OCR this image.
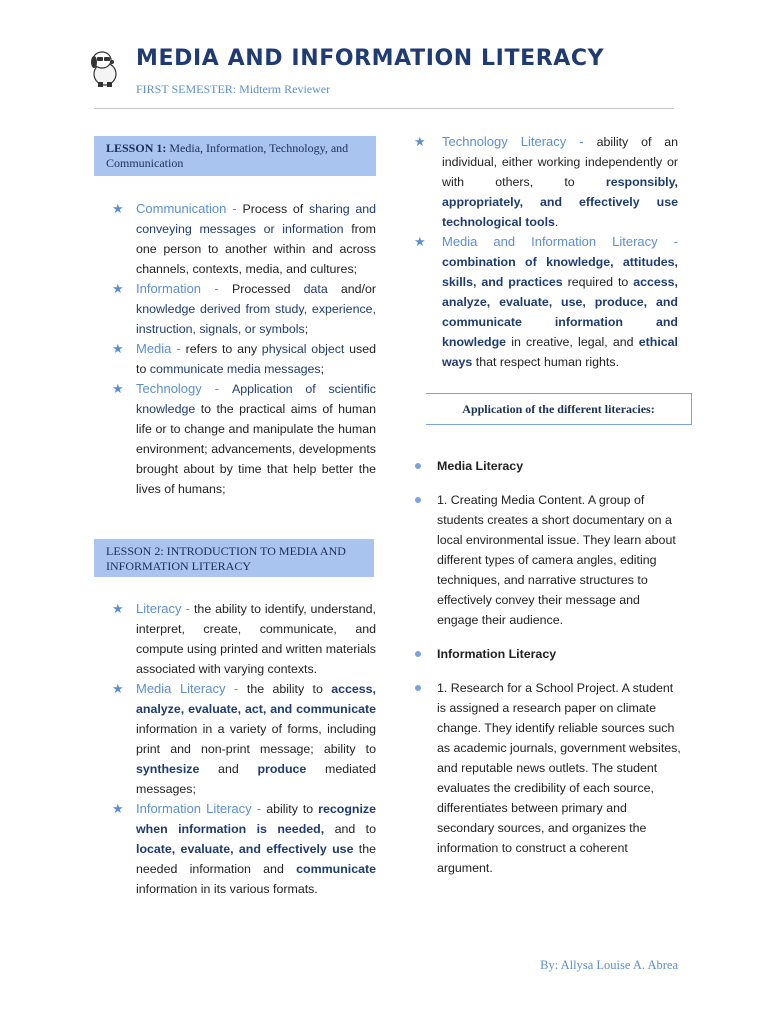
MEDIA AND INFORMATION LITERACY
FIRST SEMESTER: Midterm Reviewer
LESSON 1: Media, Information, Technology, and Communication
★ Communication - Process of sharing and conveying messages or information from one person to another within and across channels, contexts, media, and cultures;
★ Information - Processed data and/or knowledge derived from study, experience, instruction, signals, or symbols;
★ Media - refers to any physical object used to communicate media messages;
★ Technology - Application of scientific knowledge to the practical aims of human life or to change and manipulate the human environment; advancements, developments brought about by time that help better the lives of humans;
LESSON 2: INTRODUCTION TO MEDIA AND INFORMATION LITERACY
★ Literacy - the ability to identify, understand, interpret, create, communicate, and compute using printed and written materials associated with varying contexts.
★ Media Literacy - the ability to access, analyze, evaluate, act, and communicate information in a variety of forms, including print and non-print message; ability to synthesize and produce mediated messages;
★ Information Literacy - ability to recognize when information is needed, and to locate, evaluate, and effectively use the needed information and communicate information in its various formats.
★ Technology Literacy - ability of an individual, either working independently or with others, to responsibly, appropriately, and effectively use technological tools.
★ Media and Information Literacy - combination of knowledge, attitudes, skills, and practices required to access, analyze, evaluate, use, produce, and communicate information and knowledge in creative, legal, and ethical ways that respect human rights.
Application of the different literacies:
Media Literacy
1. Creating Media Content. A group of students creates a short documentary on a local environmental issue. They learn about different types of camera angles, editing techniques, and narrative structures to effectively convey their message and engage their audience.
Information Literacy
1. Research for a School Project. A student is assigned a research paper on climate change. They identify reliable sources such as academic journals, government websites, and reputable news outlets. The student evaluates the credibility of each source, differentiates between primary and secondary sources, and organizes the information to construct a coherent argument.
By: Allysa Louise A. Abrea
